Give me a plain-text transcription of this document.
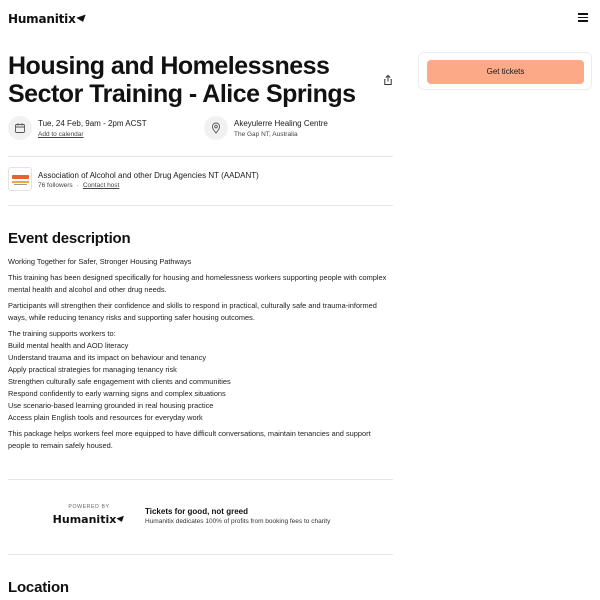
Humanitix
Housing and Homelessness Sector Training - Alice Springs
Tue, 24 Feb, 9am - 2pm ACST
Add to calendar
Akeyulerre Healing Centre
The Gap NT, Australia
Association of Alcohol and other Drug Agencies NT (AADANT)
76 followers · Contact host
Event description

Working Together for Safer, Stronger Housing Pathways

This training has been designed specifically for housing and homelessness workers supporting people with complex mental health and alcohol and other drug needs.

Participants will strengthen their confidence and skills to respond in practical, culturally safe and trauma-informed ways, while reducing tenancy risks and supporting safer housing outcomes.

The training supports workers to:
Build mental health and AOD literacy
Understand trauma and its impact on behaviour and tenancy
Apply practical strategies for managing tenancy risk
Strengthen culturally safe engagement with clients and communities
Respond confidently to early warning signs and complex situations
Use scenario-based learning grounded in real housing practice
Access plain English tools and resources for everyday work

This package helps workers feel more equipped to have difficult conversations, maintain tenancies and support people to remain safely housed.

POWERED BY
Humanitix
Tickets for good, not greed
Humanitix dedicates 100% of profits from booking fees to charity
Location
Get tickets
